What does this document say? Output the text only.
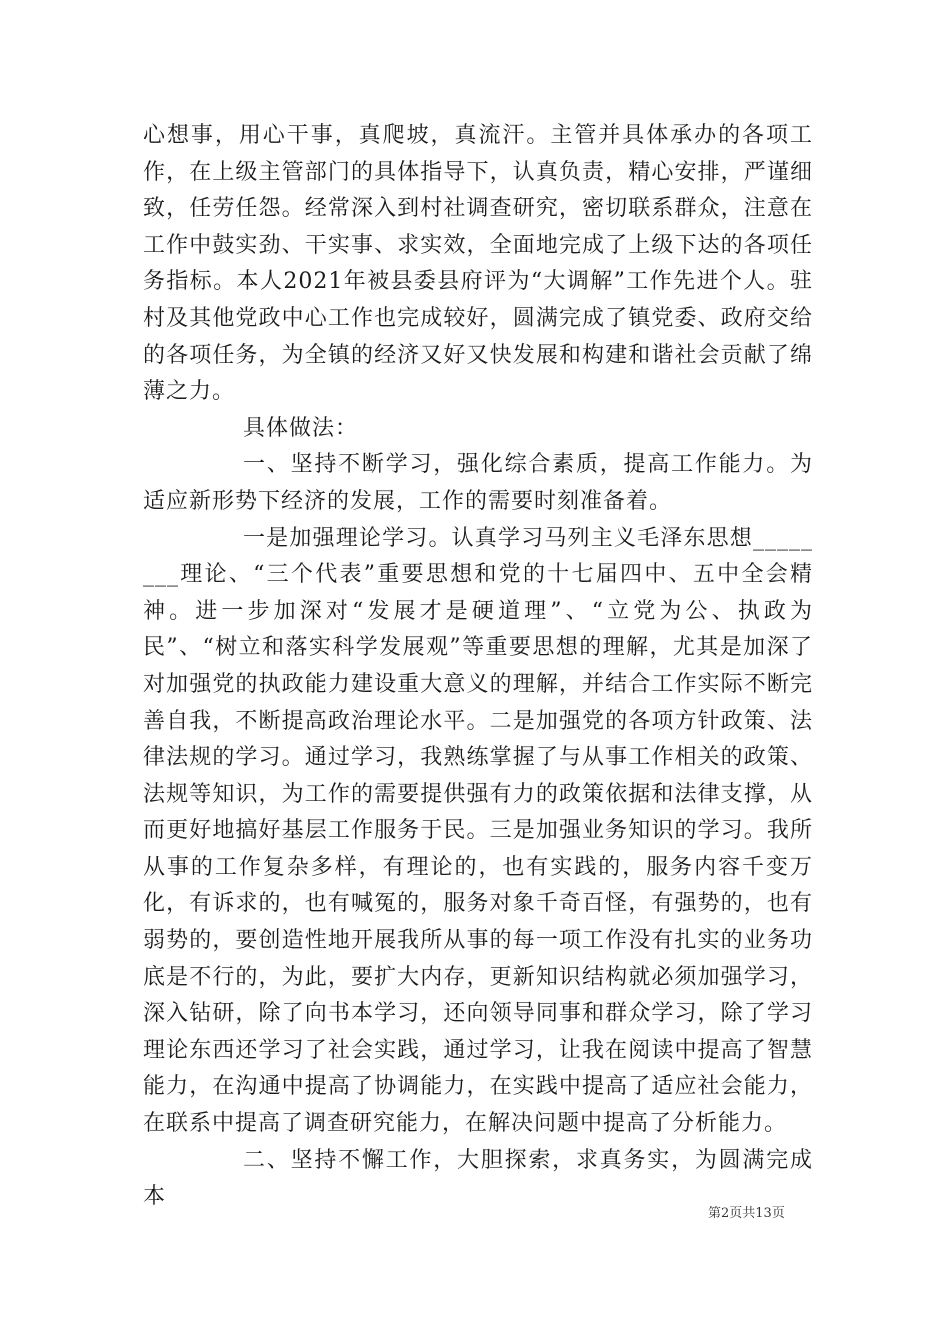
心想事，用心干事，真爬坡，真流汗。主管并具体承办的各项工作，在上级主管部门的具体指导下，认真负责，精心安排，严谨细致，任劳任怨。经常深入到村社调查研究，密切联系群众，注意在工作中鼓实劲、干实事、求实效，全面地完成了上级下达的各项任务指标。本人2021年被县委县府评为“大调解”工作先进个人。驻村及其他党政中心工作也完成较好，圆满完成了镇党委、政府交给的各项任务，为全镇的经济又好又快发展和构建和谐社会贡献了绵薄之力。

具体做法：

一、坚持不断学习，强化综合素质，提高工作能力。为适应新形势下经济的发展，工作的需要时刻准备着。

一是加强理论学习。认真学习马列主义毛泽东思想________理论、“三个代表”重要思想和党的十七届四中、五中全会精神。进一步加深对“发展才是硬道理”、“立党为公、执政为民”、“树立和落实科学发展观”等重要思想的理解，尤其是加深了对加强党的执政能力建设重大意义的理解，并结合工作实际不断完善自我，不断提高政治理论水平。二是加强党的各项方针政策、法律法规的学习。通过学习，我熟练掌握了与从事工作相关的政策、法规等知识，为工作的需要提供强有力的政策依据和法律支撑，从而更好地搞好基层工作服务于民。三是加强业务知识的学习。我所从事的工作复杂多样，有理论的，也有实践的，服务内容千变万化，有诉求的，也有喊冤的，服务对象千奇百怪，有强势的，也有弱势的，要创造性地开展我所从事的每一项工作没有扎实的业务功底是不行的，为此，要扩大内存，更新知识结构就必须加强学习，深入钻研，除了向书本学习，还向领导同事和群众学习，除了学习理论东西还学习了社会实践，通过学习，让我在阅读中提高了智慧能力，在沟通中提高了协调能力，在实践中提高了适应社会能力，在联系中提高了调查研究能力，在解决问题中提高了分析能力。

二、坚持不懈工作，大胆探索，求真务实，为圆满完成本

第2页共13页
